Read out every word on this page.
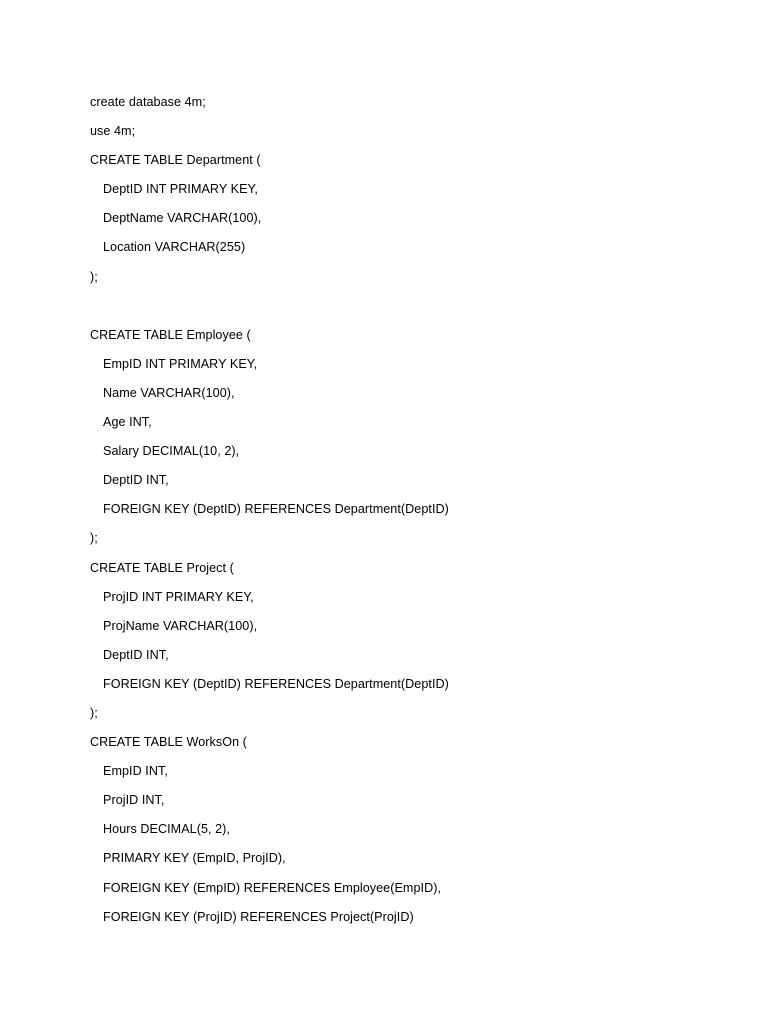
create database 4m;
use 4m;
CREATE TABLE Department (
DeptID INT PRIMARY KEY,
DeptName VARCHAR(100),
Location VARCHAR(255)
);
CREATE TABLE Employee (
EmpID INT PRIMARY KEY,
Name VARCHAR(100),
Age INT,
Salary DECIMAL(10, 2),
DeptID INT,
FOREIGN KEY (DeptID) REFERENCES Department(DeptID)
);
CREATE TABLE Project (
ProjID INT PRIMARY KEY,
ProjName VARCHAR(100),
DeptID INT,
FOREIGN KEY (DeptID) REFERENCES Department(DeptID)
);
CREATE TABLE WorksOn (
EmpID INT,
ProjID INT,
Hours DECIMAL(5, 2),
PRIMARY KEY (EmpID, ProjID),
FOREIGN KEY (EmpID) REFERENCES Employee(EmpID),
FOREIGN KEY (ProjID) REFERENCES Project(ProjID)
